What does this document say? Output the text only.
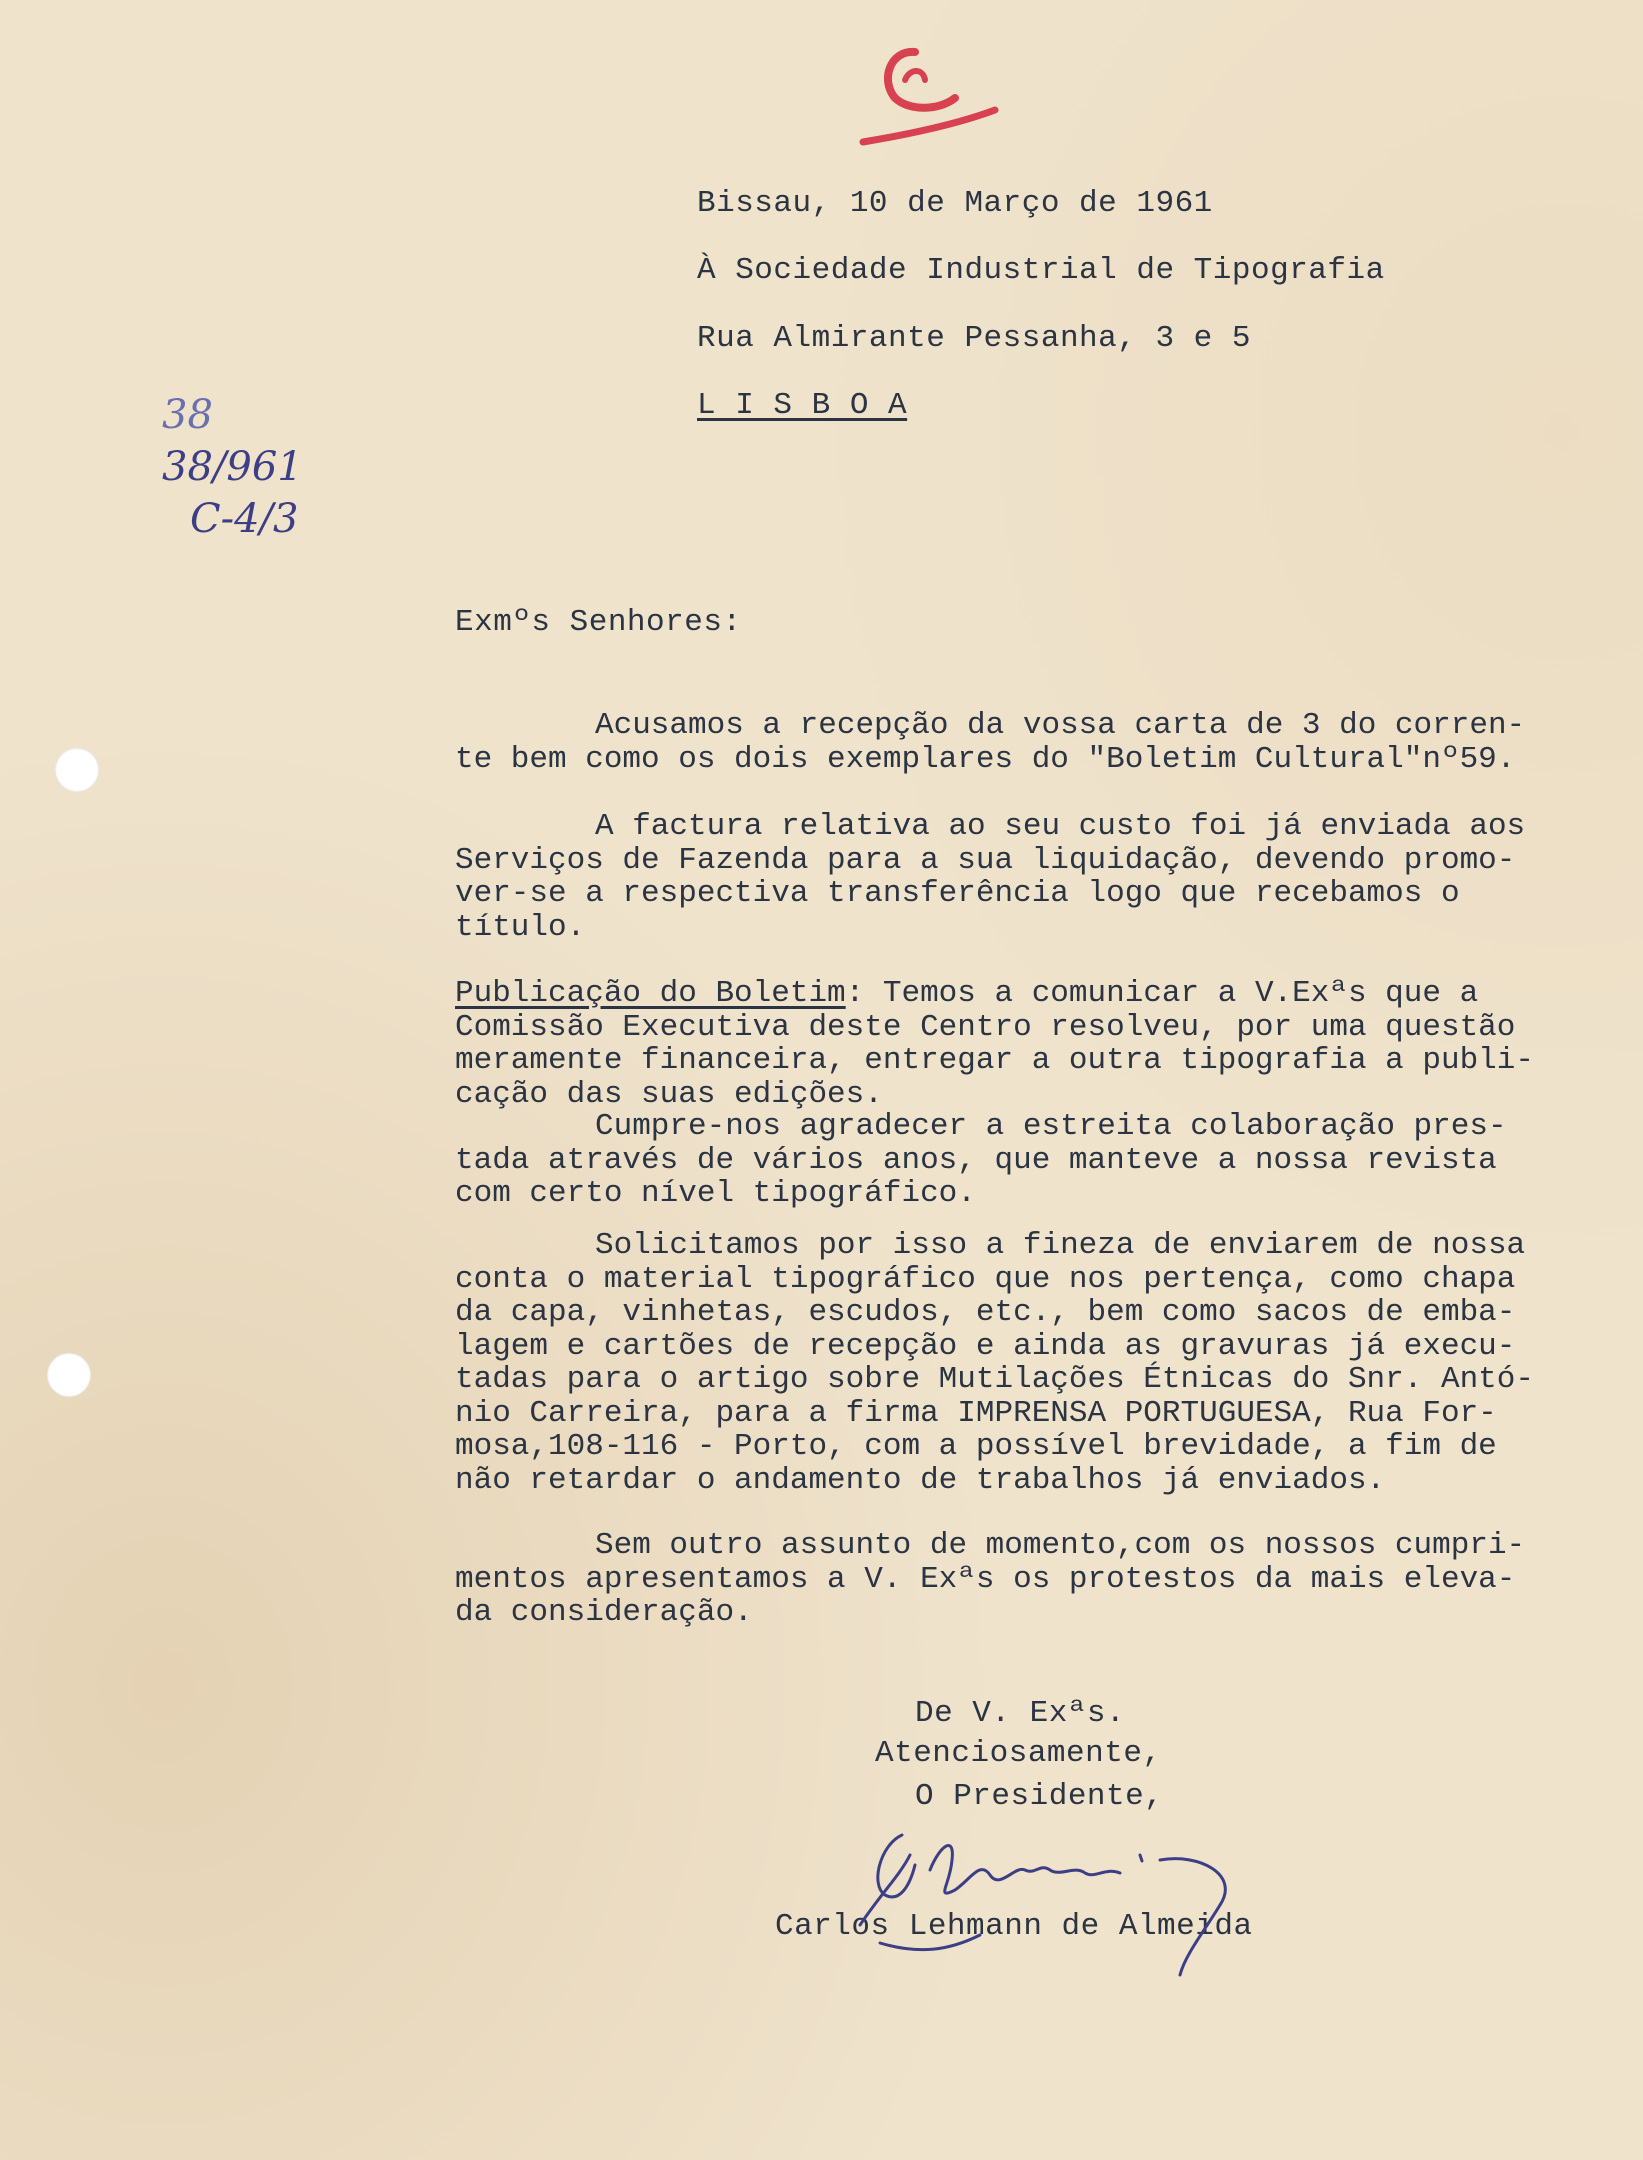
38
38/961
C-4/3
Bissau, 10 de Março de 1961
À Sociedade Industrial de Tipografia
Rua Almirante Pessanha, 3 e 5
L I S B O A
Exmºs Senhores:
Acusamos a recepção da vossa carta de 3 do corren-
te bem como os dois exemplares do "Boletim Cultural"nº59.
A factura relativa ao seu custo foi já enviada aos
Serviços de Fazenda para a sua liquidação, devendo promo-
ver-se a respectiva transferência logo que recebamos o
título.
Publicação do Boletim: Temos a comunicar a V.Exªs que a
Comissão Executiva deste Centro resolveu, por uma questão
meramente financeira, entregar a outra tipografia a publi-
cação das suas edições.
Cumpre-nos agradecer a estreita colaboração pres-
tada através de vários anos, que manteve a nossa revista
com certo nível tipográfico.
Solicitamos por isso a fineza de enviarem de nossa
conta o material tipográfico que nos pertença, como chapa
da capa, vinhetas, escudos, etc., bem como sacos de emba-
lagem e cartões de recepção e ainda as gravuras já execu-
tadas para o artigo sobre Mutilações Étnicas do Snr. Antó-
nio Carreira, para a firma IMPRENSA PORTUGUESA, Rua For-
mosa,108-116 - Porto, com a possível brevidade, a fim de
não retardar o andamento de trabalhos já enviados.
Sem outro assunto de momento,com os nossos cumpri-
mentos apresentamos a V. Exªs os protestos da mais eleva-
da consideração.
De V. Exªs.
Atenciosamente,
O Presidente,
Carlos Lehmann de Almeida
